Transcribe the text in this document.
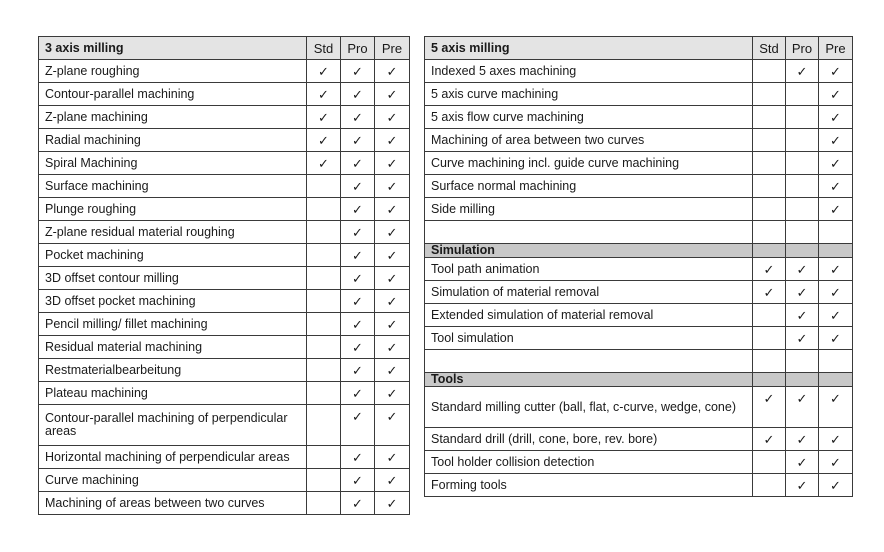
3 axis milling	Std	Pro	Pre
Z-plane roughing	✓	✓	✓
Contour-parallel machining	✓	✓	✓
Z-plane machining	✓	✓	✓
Radial machining	✓	✓	✓
Spiral Machining	✓	✓	✓
Surface machining		✓	✓
Plunge roughing		✓	✓
Z-plane residual material roughing		✓	✓
Pocket machining		✓	✓
3D offset contour milling		✓	✓
3D offset pocket machining		✓	✓
Pencil milling/ fillet machining		✓	✓
Residual material machining		✓	✓
Restmaterialbearbeitung		✓	✓
Plateau machining		✓	✓
Contour-parallel machining of perpendicular areas		✓	✓
Horizontal machining of perpendicular areas		✓	✓
Curve machining		✓	✓
Machining of areas between two curves		✓	✓
5 axis milling	Std	Pro	Pre
Indexed 5 axes machining		✓	✓
5 axis curve machining			✓
5 axis flow curve machining			✓
Machining of area between two curves			✓
Curve machining incl. guide curve machining			✓
Surface normal machining			✓
Side milling			✓

Simulation			
Tool path animation	✓	✓	✓
Simulation of material removal	✓	✓	✓
Extended simulation of material removal		✓	✓
Tool simulation		✓	✓

Tools			
Standard milling cutter (ball, flat, c-curve, wedge, cone)	✓	✓	✓
Standard drill (drill, cone, bore, rev. bore)	✓	✓	✓
Tool holder collision detection		✓	✓
Forming tools		✓	✓
